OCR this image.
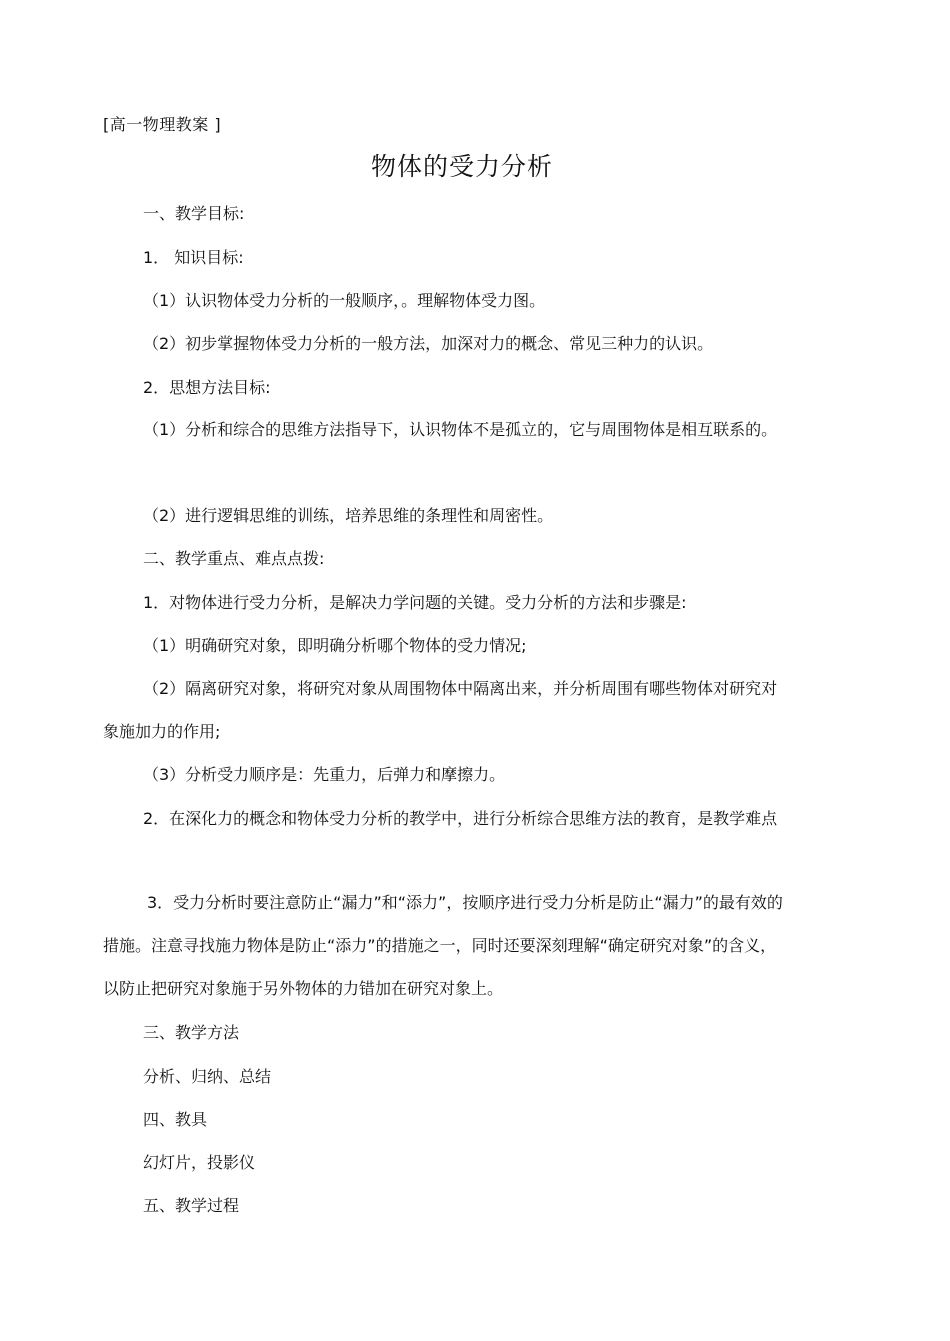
[高一物理教案 ]
物体的受力分析
一、教学目标:
1． 知识目标:
（1）认识物体受力分析的一般顺序，。理解物体受力图。
（2）初步掌握物体受力分析的一般方法，加深对力的概念、常见三种力的认识。
2．思想方法目标:
（1）分析和综合的思维方法指导下，认识物体不是孤立的，它与周围物体是相互联系的。
（2）进行逻辑思维的训练，培养思维的条理性和周密性。
二、教学重点、难点点拨:
1．对物体进行受力分析，是解决力学问题的关键。受力分析的方法和步骤是:
（1）明确研究对象，即明确分析哪个物体的受力情况;
（2）隔离研究对象，将研究对象从周围物体中隔离出来，并分析周围有哪些物体对研究对象施加力的作用;
（3）分析受力顺序是：先重力，后弹力和摩擦力。
2．在深化力的概念和物体受力分析的教学中，进行分析综合思维方法的教育，是教学难点
3．受力分析时要注意防止“漏力”和“添力”，按顺序进行受力分析是防止“漏力”的最有效的措施。注意寻找施力物体是防止“添力”的措施之一，同时还要深刻理解“确定研究对象”的含义，以防止把研究对象施于另外物体的力错加在研究对象上。
三、教学方法
分析、归纳、总结
四、教具
幻灯片，投影仪
五、教学过程
